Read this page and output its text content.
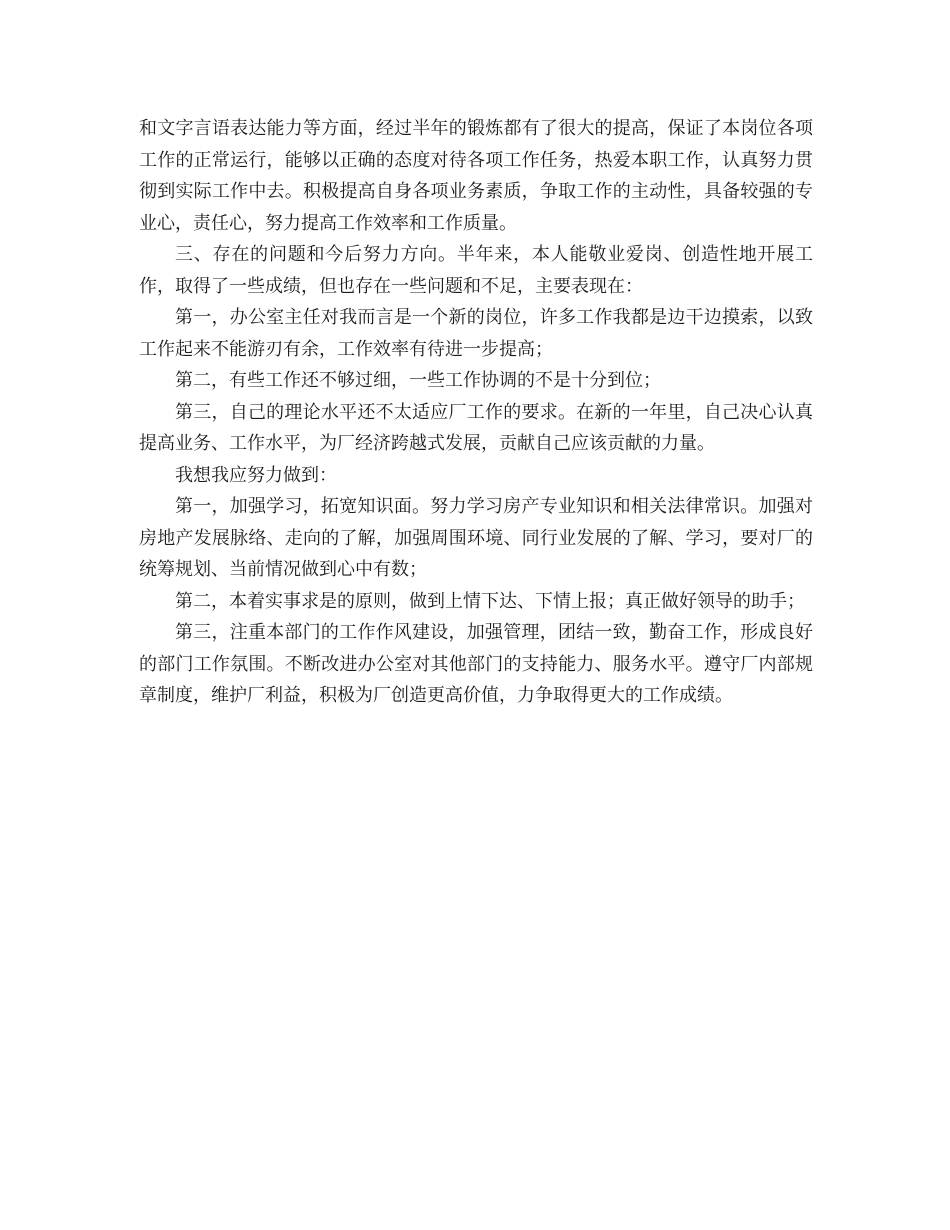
和文字言语表达能力等方面，经过半年的锻炼都有了很大的提高，保证了本岗位各项工作的正常运行，能够以正确的态度对待各项工作任务，热爱本职工作，认真努力贯彻到实际工作中去。积极提高自身各项业务素质，争取工作的主动性，具备较强的专业心，责任心，努力提高工作效率和工作质量。

三、存在的问题和今后努力方向。半年来，本人能敬业爱岗、创造性地开展工作，取得了一些成绩，但也存在一些问题和不足，主要表现在：

第一，办公室主任对我而言是一个新的岗位，许多工作我都是边干边摸索，以致工作起来不能游刃有余，工作效率有待进一步提高；

第二，有些工作还不够过细，一些工作协调的不是十分到位；

第三，自己的理论水平还不太适应厂工作的要求。在新的一年里，自己决心认真提高业务、工作水平，为厂经济跨越式发展，贡献自己应该贡献的力量。

我想我应努力做到：

第一，加强学习，拓宽知识面。努力学习房产专业知识和相关法律常识。加强对房地产发展脉络、走向的了解，加强周围环境、同行业发展的了解、学习，要对厂的统筹规划、当前情况做到心中有数；

第二，本着实事求是的原则，做到上情下达、下情上报；真正做好领导的助手；

第三，注重本部门的工作作风建设，加强管理，团结一致，勤奋工作，形成良好的部门工作氛围。不断改进办公室对其他部门的支持能力、服务水平。遵守厂内部规章制度，维护厂利益，积极为厂创造更高价值，力争取得更大的工作成绩。
